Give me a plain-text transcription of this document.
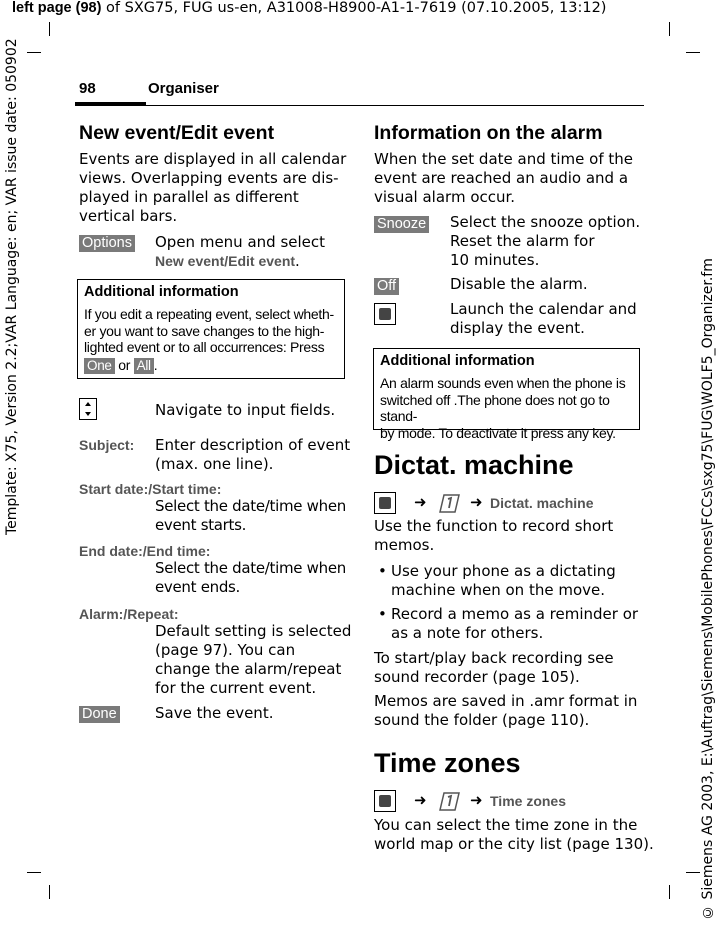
left page (98) of SXG75, FUG us-en, A31008-H8900-A1-1-7619 (07.10.2005, 13:12)
Template: X75, Version 2.2;VAR Language: en; VAR issue date: 050902	© Siemens AG 2003, E:\Auftrag\Siemens\MobilePhones\FCCs\sxg75\FUG\WOLF5_Organizer.fm
98	Organiser
New event/Edit event

Events are displayed in all calendar

views. Overlapping events are dis-

played in parallel as different

vertical bars.

Options Open menu and select

New event/Edit event.

Additional information
If you edit a repeating event, select wheth-
er you want to save changes to the high-
lighted event or to all occurrences: Press
One or All .

Navigate to input fields.

Subject: Enter description of event

(max. one line).

Start date:/Start time:

Select the date/time when

event starts.

End date:/End time:

Select the date/time when

event ends.

Alarm:/Repeat:

Default setting is selected

(page 97). You can

change the alarm/repeat

for the current event.

Done	Save the event.

Information on the alarm

When the set date and time of the

event are reached an audio and a

visual alarm occur.

Snooze Select the snooze option.

Reset the alarm for

10 minutes.

Off	Disable the alarm.

Launch the calendar and

display the event.

Additional information
An alarm sounds even when the phone is
switched off .The phone does not go to stand-
by mode. To deactivate it press any key.
Dictat. machine
➜	➜ Dictat. machine

Use the function to record short

memos.

• Use your phone as a dictating

machine when on the move.

• Record a memo as a reminder or

as a note for others.

To start/play back recording see

sound recorder (page 105).

Memos are saved in .amr format in

sound the folder (page 110).

Time zones
➜	➜ Time zones

You can select the time zone in the

world map or the city list (page 130).
